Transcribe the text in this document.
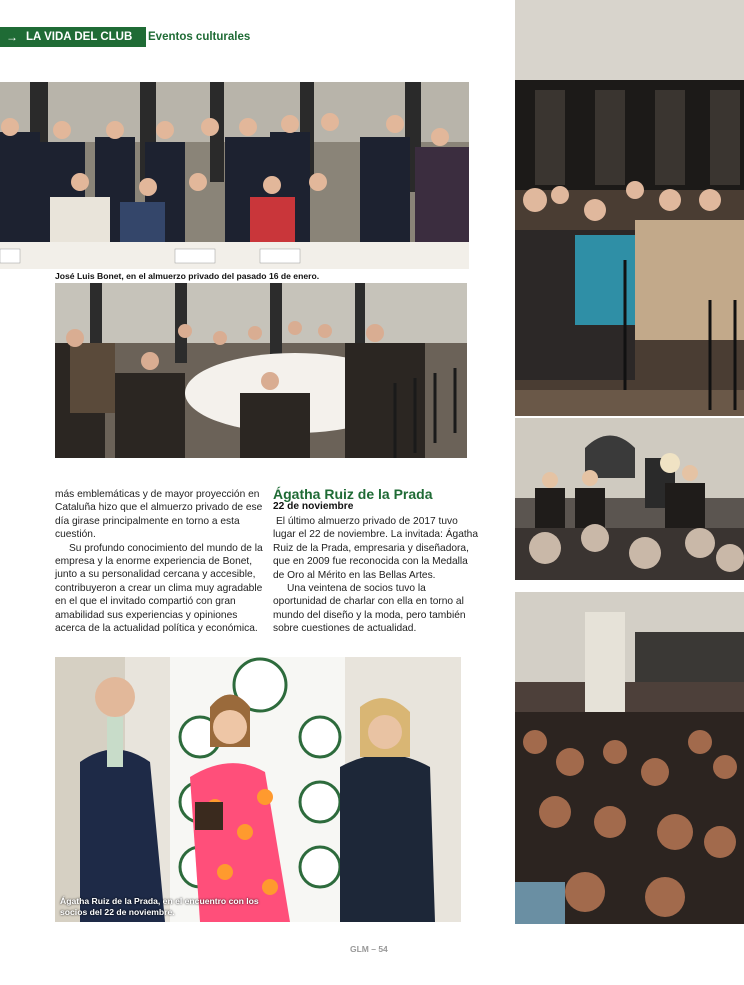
→ LA VIDA DEL CLUB	Eventos culturales
José Luis Bonet, en el almuerzo privado del pasado 16 de enero.

más emblemáticas y de mayor proyección en Cataluña hizo que el almuerzo privado de ese día girase principalmente en torno a esta cuestión.

Su profundo conocimiento del mundo de la empresa y la enorme experiencia de Bonet, junto a su personalidad cercana y accesible, contribuyeron a crear un clima muy agradable en el que el invitado compartió con gran amabilidad sus experiencias y opiniones acerca de la actualidad política y económica.

Ágatha Ruiz de la Prada
22 de noviembre

El último almuerzo privado de 2017 tuvo lugar el 22 de noviembre. La invitada: Ágatha Ruiz de la Prada, empresaria y diseñadora, que en 2009 fue reconocida con la Medalla de Oro al Mérito en las Bellas Artes.

Una veintena de socios tuvo la oportunidad de charlar con ella en torno al mundo del diseño y la moda, pero también sobre cuestiones de actualidad.

Ágatha Ruiz de la Prada, en el encuentro con los socios del 22 de noviembre.
GLM – 54
